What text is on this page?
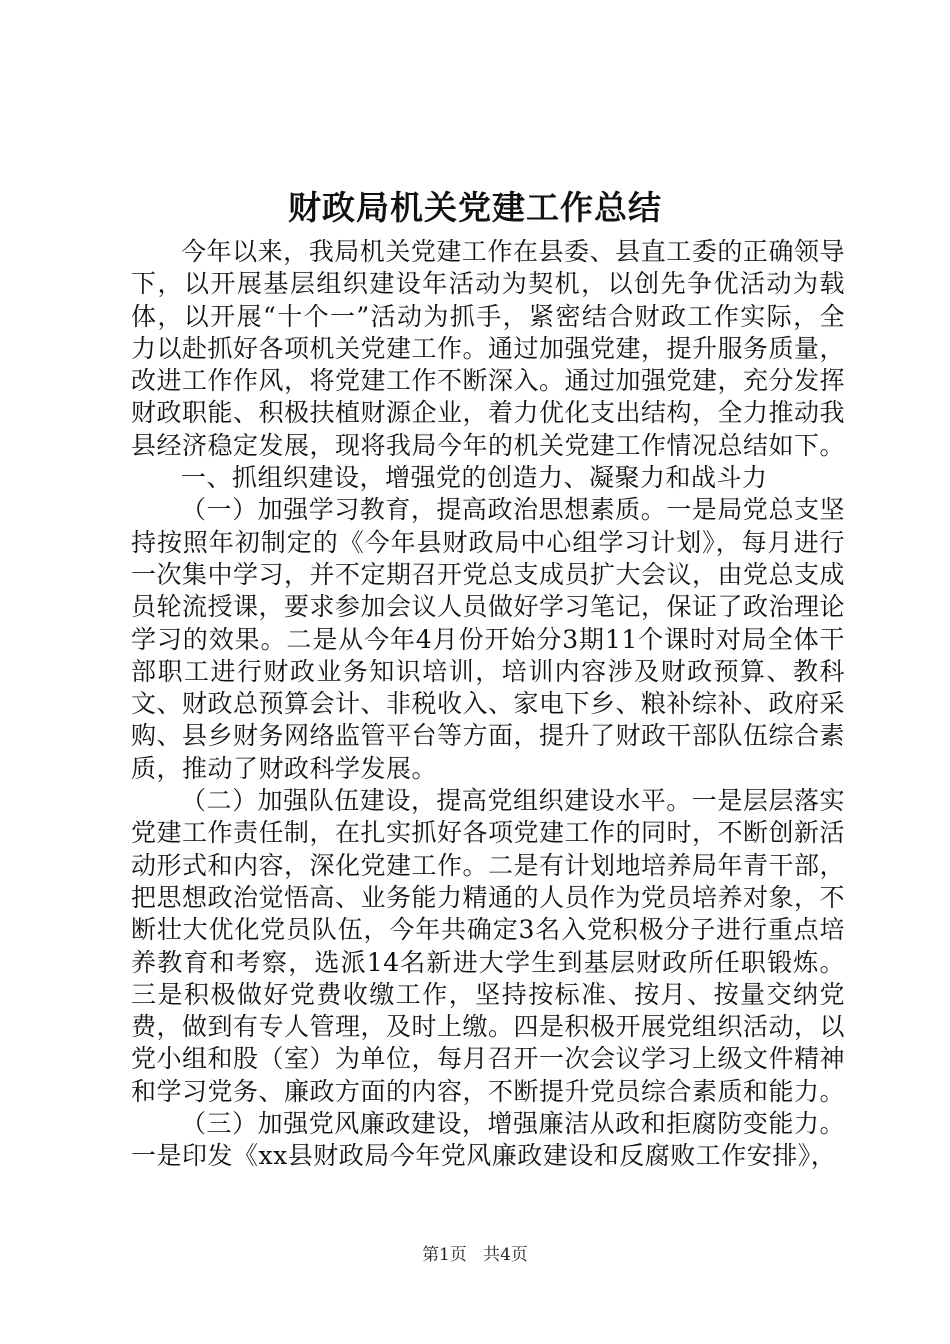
财政局机关党建工作总结

今年以来，我局机关党建工作在县委、县直工委的正确领导下，以开展基层组织建设年活动为契机，以创先争优活动为载体，以开展“十个一”活动为抓手，紧密结合财政工作实际，全力以赴抓好各项机关党建工作。通过加强党建，提升服务质量，改进工作作风，将党建工作不断深入。通过加强党建，充分发挥财政职能、积极扶植财源企业，着力优化支出结构，全力推动我县经济稳定发展，现将我局今年的机关党建工作情况总结如下。

一、抓组织建设，增强党的创造力、凝聚力和战斗力

（一）加强学习教育，提高政治思想素质。一是局党总支坚持按照年初制定的《今年县财政局中心组学习计划》，每月进行一次集中学习，并不定期召开党总支成员扩大会议，由党总支成员轮流授课，要求参加会议人员做好学习笔记，保证了政治理论学习的效果。二是从今年4月份开始分3期11个课时对局全体干部职工进行财政业务知识培训，培训内容涉及财政预算、教科文、财政总预算会计、非税收入、家电下乡、粮补综补、政府采购、县乡财务网络监管平台等方面，提升了财政干部队伍综合素质，推动了财政科学发展。

（二）加强队伍建设，提高党组织建设水平。一是层层落实党建工作责任制，在扎实抓好各项党建工作的同时，不断创新活动形式和内容，深化党建工作。二是有计划地培养局年青干部，把思想政治觉悟高、业务能力精通的人员作为党员培养对象，不断壮大优化党员队伍，今年共确定3名入党积极分子进行重点培养教育和考察，选派14名新进大学生到基层财政所任职锻炼。三是积极做好党费收缴工作，坚持按标准、按月、按量交纳党费，做到有专人管理，及时上缴。四是积极开展党组织活动，以党小组和股（室）为单位，每月召开一次会议学习上级文件精神和学习党务、廉政方面的内容，不断提升党员综合素质和能力。

（三）加强党风廉政建设，增强廉洁从政和拒腐防变能力。一是印发《xx县财政局今年党风廉政建设和反腐败工作安排》，

第1页 共4页
